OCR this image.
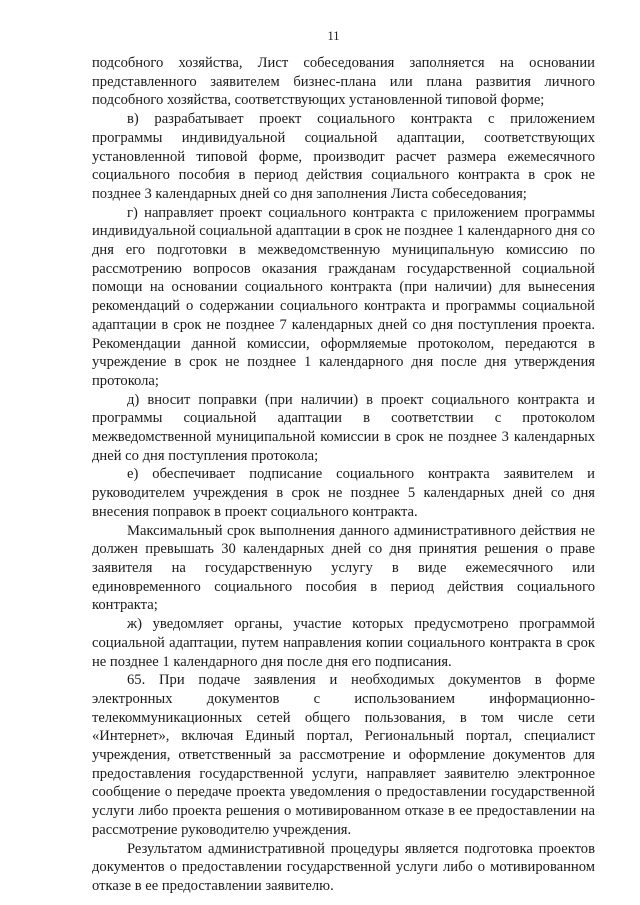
11

подсобного хозяйства, Лист собеседования заполняется на основании представленного заявителем бизнес-плана или плана развития личного подсобного хозяйства, соответствующих установленной типовой форме;

в) разрабатывает проект социального контракта с приложением программы индивидуальной социальной адаптации, соответствующих установленной типовой форме, производит расчет размера ежемесячного социального пособия в период действия социального контракта в срок не позднее 3 календарных дней со дня заполнения Листа собеседования;

г) направляет проект социального контракта с приложением программы индивидуальной социальной адаптации в срок не позднее 1 календарного дня со дня его подготовки в межведомственную муниципальную комиссию по рассмотрению вопросов оказания гражданам государственной социальной помощи на основании социального контракта (при наличии) для вынесения рекомендаций о содержании социального контракта и программы социальной адаптации в срок не позднее 7 календарных дней со дня поступления проекта. Рекомендации данной комиссии, оформляемые протоколом, передаются в учреждение в срок не позднее 1 календарного дня после дня утверждения протокола;

д) вносит поправки (при наличии) в проект социального контракта и программы социальной адаптации в соответствии с протоколом межведомственной муниципальной комиссии в срок не позднее 3 календарных дней со дня поступления протокола;

е) обеспечивает подписание социального контракта заявителем и руководителем учреждения в срок не позднее 5 календарных дней со дня внесения поправок в проект социального контракта.

Максимальный срок выполнения данного административного действия не должен превышать 30 календарных дней со дня принятия решения о праве заявителя на государственную услугу в виде ежемесячного или единовременного социального пособия в период действия социального контракта;

ж) уведомляет органы, участие которых предусмотрено программой социальной адаптации, путем направления копии социального контракта в срок не позднее 1 календарного дня после дня его подписания.

65. При подаче заявления и необходимых документов в форме электронных документов с использованием информационно-телекоммуникационных сетей общего пользования, в том числе сети «Интернет», включая Единый портал, Региональный портал, специалист учреждения, ответственный за рассмотрение и оформление документов для предоставления государственной услуги, направляет заявителю электронное сообщение о передаче проекта уведомления о предоставлении государственной услуги либо проекта решения о мотивированном отказе в ее предоставлении на рассмотрение руководителю учреждения.

Результатом административной процедуры является подготовка проектов документов о предоставлении государственной услуги либо о мотивированном отказе в ее предоставлении заявителю.
